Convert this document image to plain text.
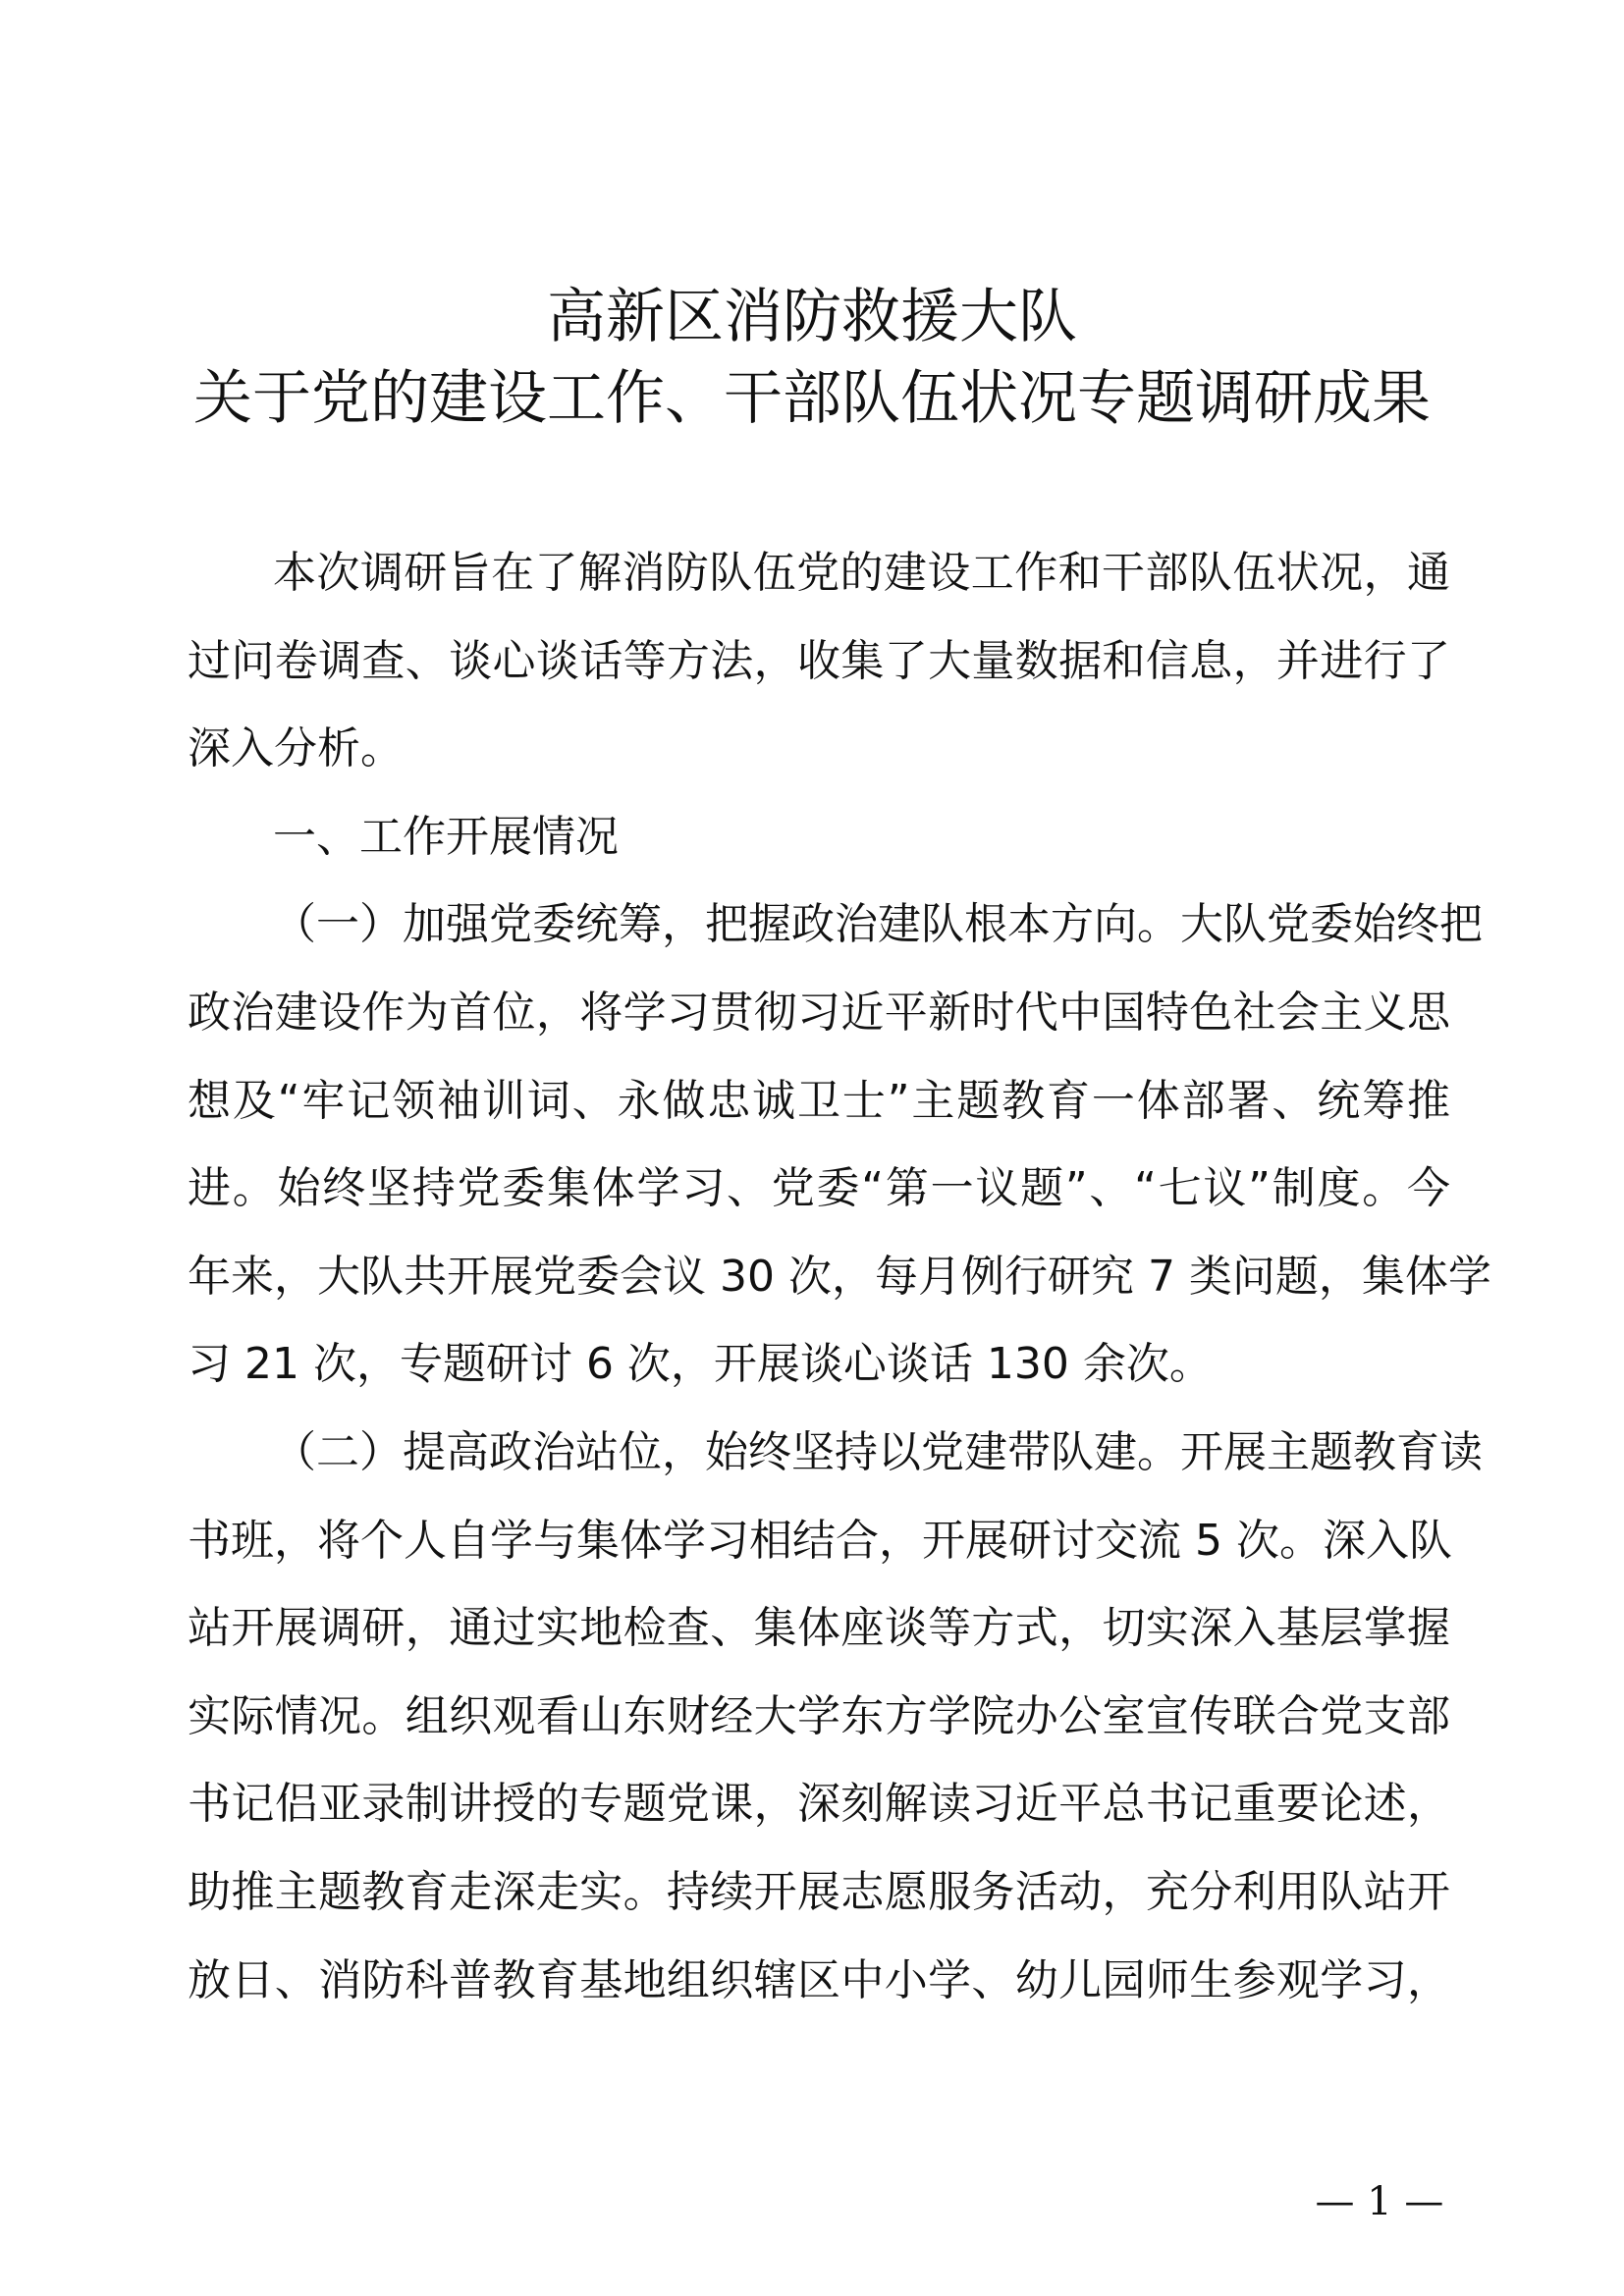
高新区消防救援大队
关于党的建设工作、干部队伍状况专题调研成果
本次调研旨在了解消防队伍党的建设工作和干部队伍状况，通
过问卷调查、谈心谈话等方法，收集了大量数据和信息，并进行了
深入分析。
一、工作开展情况
（一）加强党委统筹，把握政治建队根本方向。大队党委始终把
政治建设作为首位，将学习贯彻习近平新时代中国特色社会主义思
想及“牢记领袖训词、永做忠诚卫士”主题教育一体部署、统筹推
进。始终坚持党委集体学习、党委“第一议题”、“七议”制度。今
年来，大队共开展党委会议 30 次，每月例行研究 7 类问题，集体学
习 21 次，专题研讨 6 次，开展谈心谈话 130 余次。
（二）提高政治站位，始终坚持以党建带队建。开展主题教育读
书班，将个人自学与集体学习相结合，开展研讨交流 5 次。深入队
站开展调研，通过实地检查、集体座谈等方式，切实深入基层掌握
实际情况。组织观看山东财经大学东方学院办公室宣传联合党支部
书记侣亚录制讲授的专题党课，深刻解读习近平总书记重要论述，
助推主题教育走深走实。持续开展志愿服务活动，充分利用队站开
放日、消防科普教育基地组织辖区中小学、幼儿园师生参观学习，
— 1 —
